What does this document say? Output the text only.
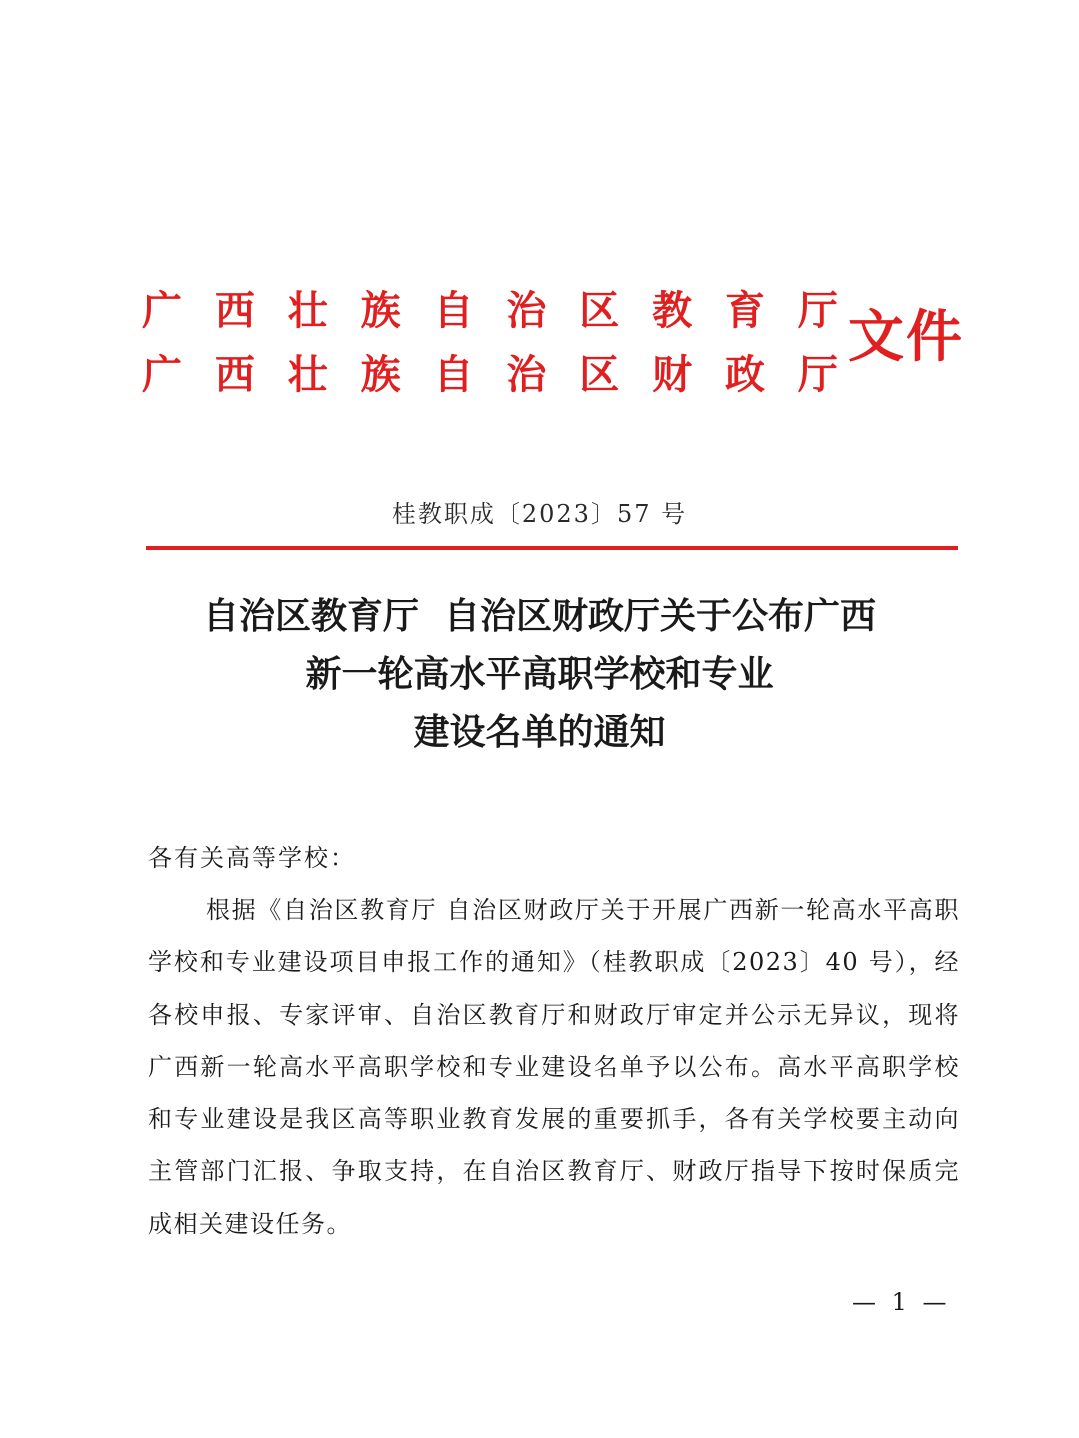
广 西 壮 族 自 治 区 教 育 厅
广 西 壮 族 自 治 区 财 政 厅
文件
桂教职成〔2023〕57 号
自治区教育厅  自治区财政厅关于公布广西
新一轮高水平高职学校和专业
建设名单的通知
各有关高等学校：
根据《自治区教育厅 自治区财政厅关于开展广西新一轮高水平高职学校和专业建设项目申报工作的通知》（桂教职成〔2023〕40 号），经各校申报、专家评审、自治区教育厅和财政厅审定并公示无异议，现将广西新一轮高水平高职学校和专业建设名单予以公布。高水平高职学校和专业建设是我区高等职业教育发展的重要抓手，各有关学校要主动向主管部门汇报、争取支持，在自治区教育厅、财政厅指导下按时保质完成相关建设任务。
— 1 —
